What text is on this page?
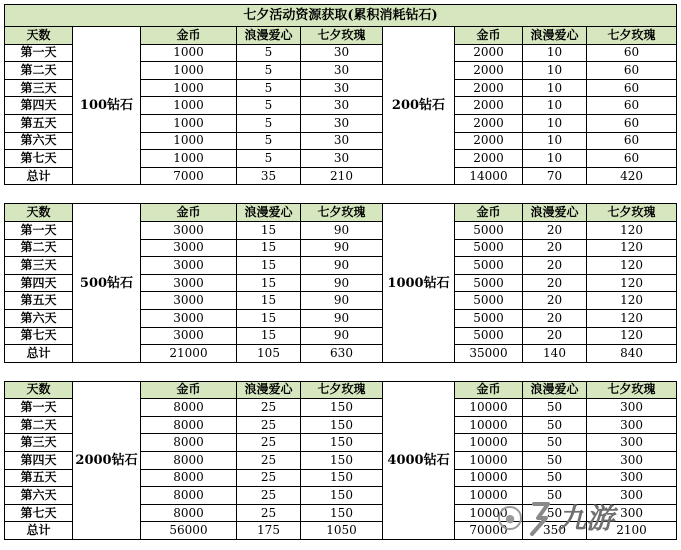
七夕活动资源获取(累积消耗钻石)								
天数	100钻石	金币	浪漫爱心	七夕玫瑰	200钻石	金币	浪漫爱心	七夕玫瑰
第一天		1000	5	30		2000	10	60
第二天		1000	5	30		2000	10	60
第三天		1000	5	30		2000	10	60
第四天		1000	5	30		2000	10	60
第五天		1000	5	30		2000	10	60
第六天		1000	5	30		2000	10	60
第七天		1000	5	30		2000	10	60
总计		7000	35	210		14000	70	420

天数	500钻石	金币	浪漫爱心	七夕玫瑰	1000钻石	金币	浪漫爱心	七夕玫瑰
第一天		3000	15	90		5000	20	120
第二天		3000	15	90		5000	20	120
第三天		3000	15	90		5000	20	120
第四天		3000	15	90		5000	20	120
第五天		3000	15	90		5000	20	120
第六天		3000	15	90		5000	20	120
第七天		3000	15	90		5000	20	120
总计		21000	105	630		35000	140	840

天数	2000钻石	金币	浪漫爱心	七夕玫瑰	4000钻石	金币	浪漫爱心	七夕玫瑰
第一天		8000	25	150		10000	50	300
第二天		8000	25	150		10000	50	300
第三天		8000	25	150		10000	50	300
第四天		8000	25	150		10000	50	300
第五天		8000	25	150		10000	50	300
第六天		8000	25	150		10000	50	300
第七天		8000	25	150		10000	50	300
总计		56000	175	1050		70000	350	2100
● 九游
